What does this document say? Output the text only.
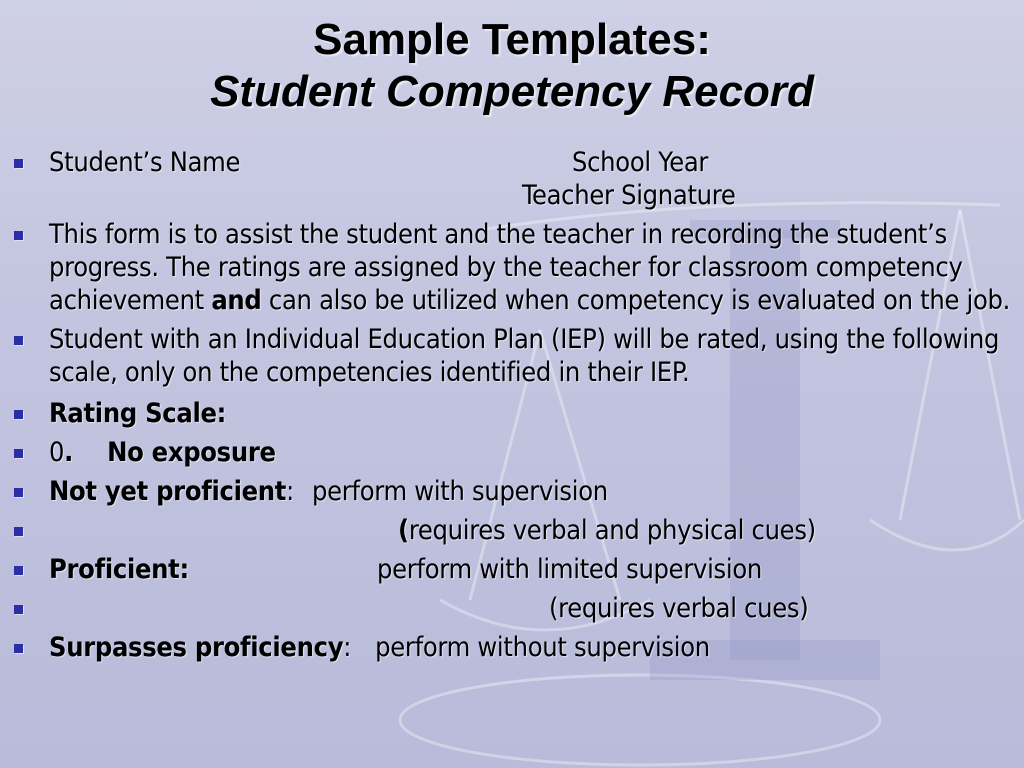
Sample Templates:
Student Competency Record
Student’s Name	School Year
Teacher Signature
This form is to assist the student and the teacher in recording the student’s progress. The ratings are assigned by the teacher for classroom competency achievement and can also be utilized when competency is evaluated on the job.
Student with an Individual Education Plan (IEP) will be rated, using the following scale, only on the competencies identified in their IEP.
Rating Scale:
0. No exposure
Not yet proficient: perform with supervision
(requires verbal and physical cues)
Proficient:	perform with limited supervision
(requires verbal cues)
Surpasses proficiency: perform without supervision
